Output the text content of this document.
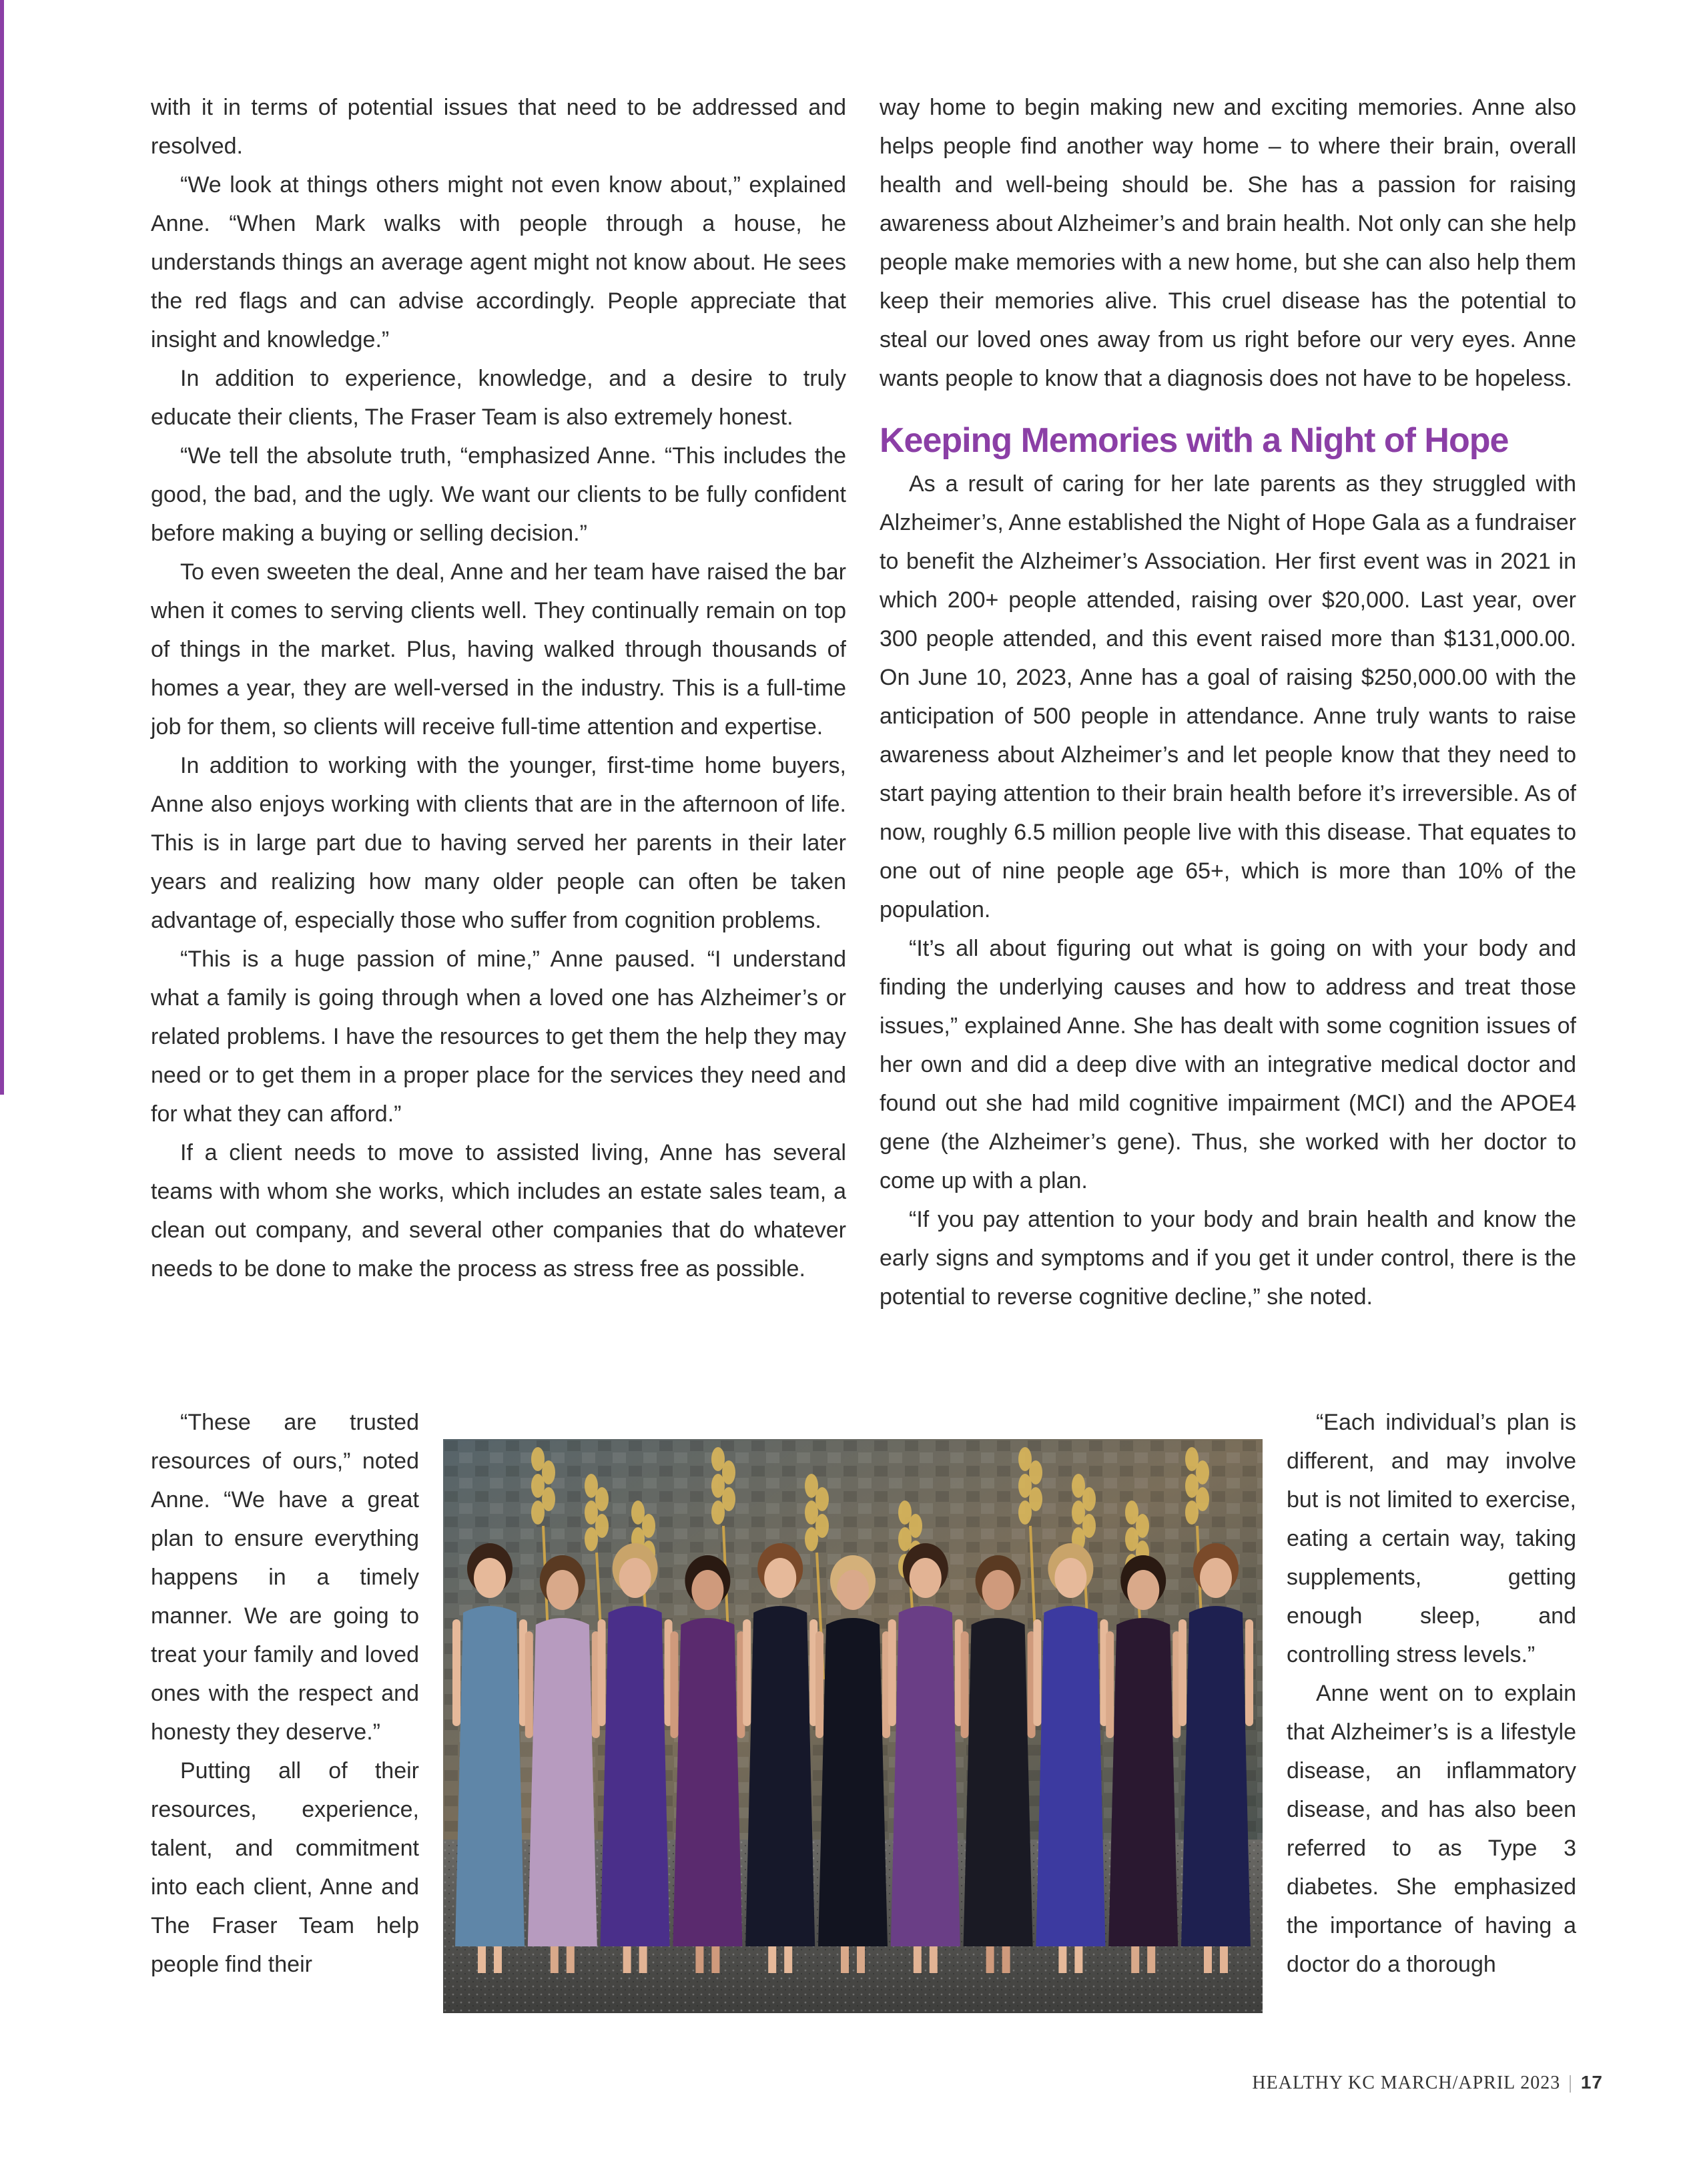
with it in terms of potential issues that need to be addressed and resolved.

“We look at things others might not even know about,” explained Anne. “When Mark walks with people through a house, he understands things an average agent might not know about. He sees the red flags and can advise accordingly. People appreciate that insight and knowledge.”

In addition to experience, knowledge, and a desire to truly educate their clients, The Fraser Team is also extremely honest.

“We tell the absolute truth, “emphasized Anne. “This includes the good, the bad, and the ugly. We want our clients to be fully confident before making a buying or selling decision.”

To even sweeten the deal, Anne and her team have raised the bar when it comes to serving clients well. They continually remain on top of things in the market. Plus, having walked through thousands of homes a year, they are well-versed in the industry. This is a full-time job for them, so clients will receive full-time attention and expertise.

In addition to working with the younger, first-time home buyers, Anne also enjoys working with clients that are in the afternoon of life. This is in large part due to having served her parents in their later years and realizing how many older people can often be taken advantage of, especially those who suffer from cognition problems.

“This is a huge passion of mine,” Anne paused. “I understand what a family is going through when a loved one has Alzheimer’s or related problems. I have the resources to get them the help they may need or to get them in a proper place for the services they need and for what they can afford.”

If a client needs to move to assisted living, Anne has several teams with whom she works, which includes an estate sales team, a clean out company, and several other companies that do whatever needs to be done to make the process as stress free as possible.

“These are trusted resources of ours,” noted Anne. “We have a great plan to ensure everything happens in a timely manner. We are going to treat your family and loved ones with the respect and honesty they deserve.”

Putting all of their resources, experience, talent, and commitment into each client, Anne and The Fraser Team help people find their

way home to begin making new and exciting memories. Anne also helps people find another way home – to where their brain, overall health and well-being should be. She has a passion for raising awareness about Alzheimer’s and brain health. Not only can she help people make memories with a new home, but she can also help them keep their memories alive. This cruel disease has the potential to steal our loved ones away from us right before our very eyes. Anne wants people to know that a diagnosis does not have to be hopeless.

Keeping Memories with a Night of Hope

As a result of caring for her late parents as they struggled with Alzheimer’s, Anne established the Night of Hope Gala as a fundraiser to benefit the Alzheimer’s Association. Her first event was in 2021 in which 200+ people attended, raising over $20,000. Last year, over 300 people attended, and this event raised more than $131,000.00. On June 10, 2023, Anne has a goal of raising $250,000.00 with the anticipation of 500 people in attendance. Anne truly wants to raise awareness about Alzheimer’s and let people know that they need to start paying attention to their brain health before it’s irreversible. As of now, roughly 6.5 million people live with this disease. That equates to one out of nine people age 65+, which is more than 10% of the population.

“It’s all about figuring out what is going on with your body and finding the underlying causes and how to address and treat those issues,” explained Anne. She has dealt with some cognition issues of her own and did a deep dive with an integrative medical doctor and found out she had mild cognitive impairment (MCI) and the APOE4 gene (the Alzheimer’s gene). Thus, she worked with her doctor to come up with a plan.

“If you pay attention to your body and brain health and know the early signs and symptoms and if you get it under control, there is the potential to reverse cognitive decline,” she noted.

“Each individual’s plan is different, and may involve but is not limited to exercise, eating a certain way, taking supplements, getting enough sleep, and controlling stress levels.”

Anne went on to explain that Alzheimer’s is a lifestyle disease, an inflammatory disease, and has also been referred to as Type 3 diabetes. She emphasized the importance of having a doctor do a thorough

HEALTHY KC MARCH/APRIL 2023 | 17
